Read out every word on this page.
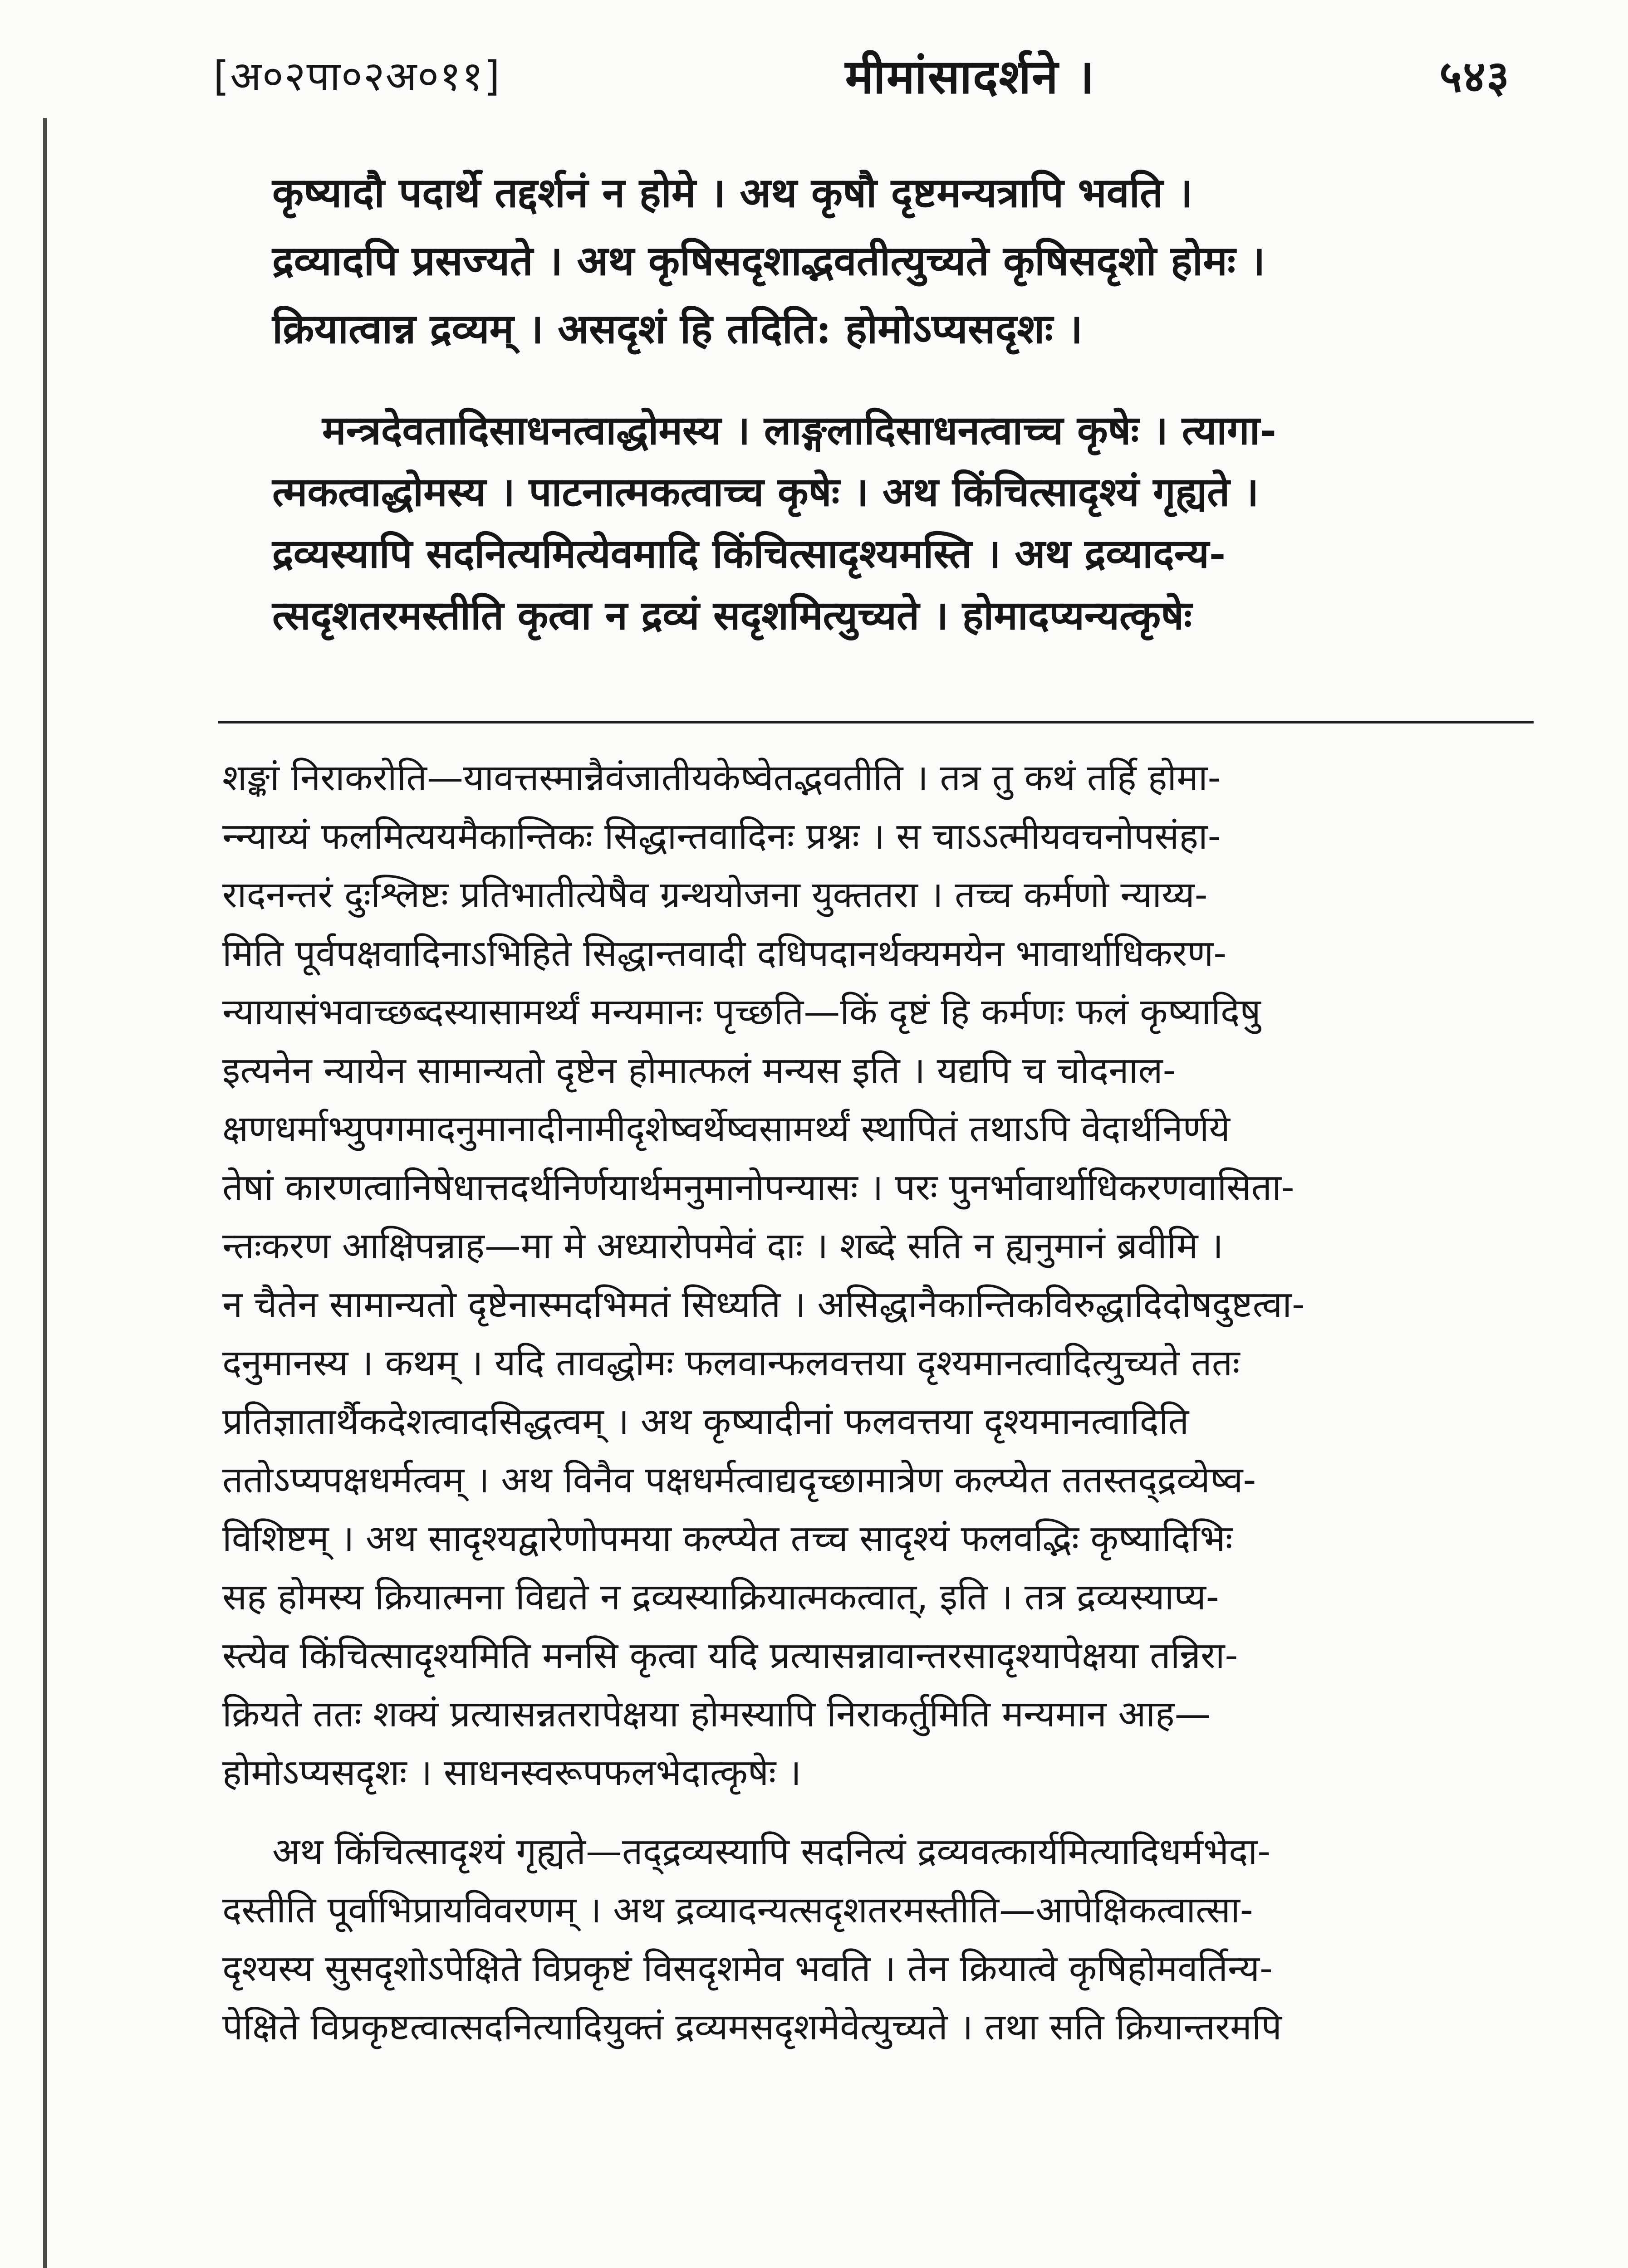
[अ०२पा०२अ०११]	मीमांसादर्शने ।	५४३

कृष्यादौ पदार्थे तद्दर्शनं न होमे । अथ कृषौ दृष्टमन्यत्रापि भवति ।

द्रव्यादपि प्रसज्यते । अथ कृषिसदृशाद्भवतीत्युच्यते कृषिसदृशो होमः ।

क्रियात्वान्न द्रव्यम् । असदृशं हि तदिति: होमोऽप्यसदृशः ।

मन्त्रदेवतादिसाधनत्वाद्धोमस्य । लाङ्गलादिसाधनत्वाच्च कृषेः । त्यागा-

त्मकत्वाद्धोमस्य । पाटनात्मकत्वाच्च कृषेः । अथ किंचित्सादृश्यं गृह्यते ।

द्रव्यस्यापि सदनित्यमित्येवमादि किंचित्सादृश्यमस्ति । अथ द्रव्यादन्य-

त्सदृशतरमस्तीति कृत्वा न द्रव्यं सदृशमित्युच्यते । होमादप्यन्यत्कृषेः

शङ्कां निराकरोति—यावत्तस्मान्नैवंजातीयकेष्वेतद्भवतीति । तत्र तु कथं तर्हि होमा-

न्न्याय्यं फलमित्ययमैकान्तिकः सिद्धान्तवादिनः प्रश्नः । स चाऽऽत्मीयवचनोपसंहा-

रादनन्तरं दुःश्लिष्टः प्रतिभातीत्येषैव ग्रन्थयोजना युक्ततरा । तच्च कर्मणो न्याय्य-

मिति पूर्वपक्षवादिनाऽभिहिते सिद्धान्तवादी दधिपदानर्थक्यमयेन भावार्थाधिकरण-

न्यायासंभवाच्छब्दस्यासामर्थ्यं मन्यमानः पृच्छति—किं दृष्टं हि कर्मणः फलं कृष्यादिषु

इत्यनेन न्यायेन सामान्यतो दृष्टेन होमात्फलं मन्यस इति । यद्यपि च चोदनाल-

क्षणधर्माभ्युपगमादनुमानादीनामीदृशेष्वर्थेष्वसामर्थ्यं स्थापितं तथाऽपि वेदार्थनिर्णये

तेषां कारणत्वानिषेधात्तदर्थनिर्णयार्थमनुमानोपन्यासः । परः पुनर्भावार्थाधिकरणवासिता-

न्तःकरण आक्षिपन्नाह—मा मे अध्यारोपमेवं दाः । शब्दे सति न ह्यनुमानं ब्रवीमि ।

न चैतेन सामान्यतो दृष्टेनास्मदभिमतं सिध्यति । असिद्धानैकान्तिकविरुद्धादिदोषदुष्टत्वा-

दनुमानस्य । कथम् । यदि तावद्धोमः फलवान्फलवत्तया दृश्यमानत्वादित्युच्यते ततः

प्रतिज्ञातार्थैकदेशत्वादसिद्धत्वम् । अथ कृष्यादीनां फलवत्तया दृश्यमानत्वादिति

ततोऽप्यपक्षधर्मत्वम् । अथ विनैव पक्षधर्मत्वाद्यदृच्छामात्रेण कल्प्येत ततस्तद्द्रव्येष्व-

विशिष्टम् । अथ सादृश्यद्वारेणोपमया कल्प्येत तच्च सादृश्यं फलवद्भिः कृष्यादिभिः

सह होमस्य क्रियात्मना विद्यते न द्रव्यस्याक्रियात्मकत्वात्, इति । तत्र द्रव्यस्याप्य-

स्त्येव किंचित्सादृश्यमिति मनसि कृत्वा यदि प्रत्यासन्नावान्तरसादृश्यापेक्षया तन्निरा-

क्रियते ततः शक्यं प्रत्यासन्नतरापेक्षया होमस्यापि निराकर्तुमिति मन्यमान आह—

होमोऽप्यसदृशः । साधनस्वरूपफलभेदात्कृषेः ।

अथ किंचित्सादृश्यं गृह्यते—तद्द्रव्यस्यापि सदनित्यं द्रव्यवत्कार्यमित्यादिधर्मभेदा-

दस्तीति पूर्वाभिप्रायविवरणम् । अथ द्रव्यादन्यत्सदृशतरमस्तीति—आपेक्षिकत्वात्सा-

दृश्यस्य सुसदृशोऽपेक्षिते विप्रकृष्टं विसदृशमेव भवति । तेन क्रियात्वे कृषिहोमवर्तिन्य-

पेक्षिते विप्रकृष्टत्वात्सदनित्यादियुक्तं द्रव्यमसदृशमेवेत्युच्यते । तथा सति क्रियान्तरमपि
